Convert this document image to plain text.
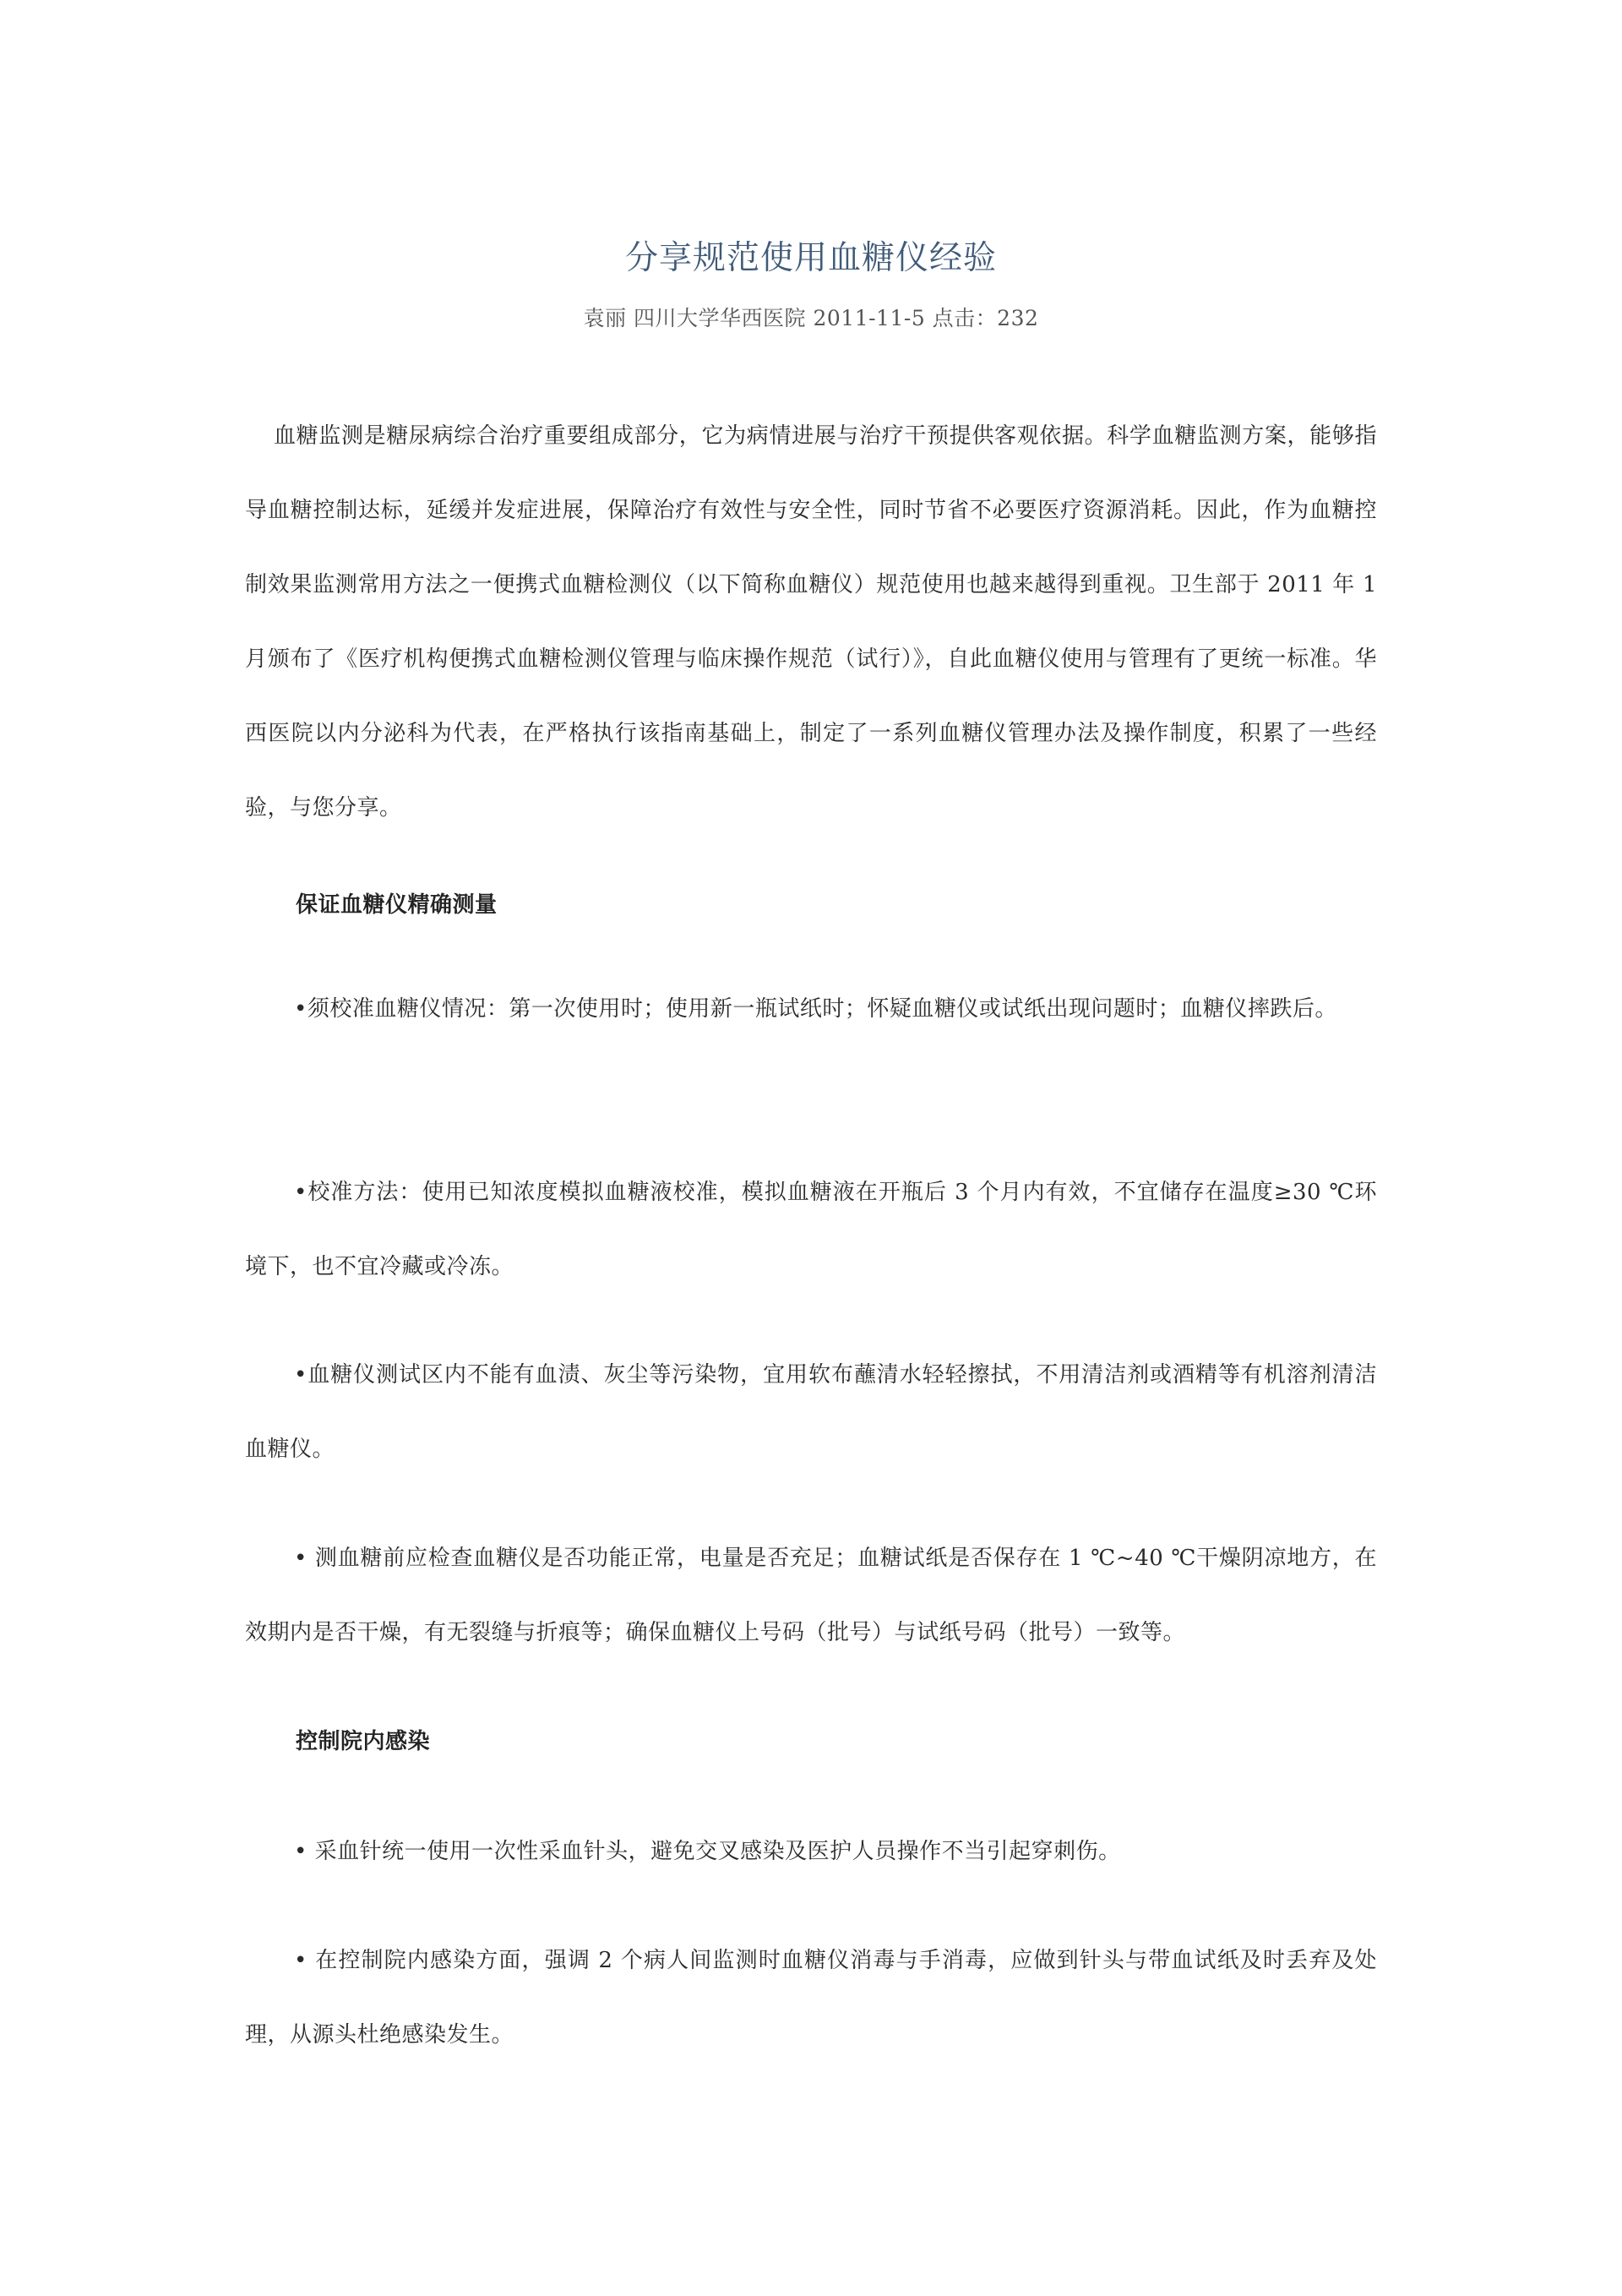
分享规范使用血糖仪经验
袁丽 四川大学华西医院 2011-11-5 点击：232

血糖监测是糖尿病综合治疗重要组成部分，它为病情进展与治疗干预提供客观依据。科学血糖监测方案，能够指导血糖控制达标，延缓并发症进展，保障治疗有效性与安全性，同时节省不必要医疗资源消耗。因此，作为血糖控制效果监测常用方法之一便携式血糖检测仪（以下简称血糖仪）规范使用也越来越得到重视。卫生部于 2011 年 1 月颁布了《医疗机构便携式血糖检测仪管理与临床操作规范（试行）》，自此血糖仪使用与管理有了更统一标准。华西医院以内分泌科为代表，在严格执行该指南基础上，制定了一系列血糖仪管理办法及操作制度，积累了一些经验，与您分享。

保证血糖仪精确测量

•须校准血糖仪情况：第一次使用时；使用新一瓶试纸时；怀疑血糖仪或试纸出现问题时；血糖仪摔跌后。

•校准方法：使用已知浓度模拟血糖液校准，模拟血糖液在开瓶后 3 个月内有效，不宜储存在温度≥30 ℃环境下，也不宜冷藏或冷冻。

•血糖仪测试区内不能有血渍、灰尘等污染物，宜用软布蘸清水轻轻擦拭，不用清洁剂或酒精等有机溶剂清洁血糖仪。

• 测血糖前应检查血糖仪是否功能正常，电量是否充足；血糖试纸是否保存在 1 ℃~40 ℃干燥阴凉地方，在效期内是否干燥，有无裂缝与折痕等；确保血糖仪上号码（批号）与试纸号码（批号）一致等。

控制院内感染

• 采血针统一使用一次性采血针头，避免交叉感染及医护人员操作不当引起穿刺伤。

• 在控制院内感染方面，强调 2 个病人间监测时血糖仪消毒与手消毒，应做到针头与带血试纸及时丢弃及处理，从源头杜绝感染发生。
